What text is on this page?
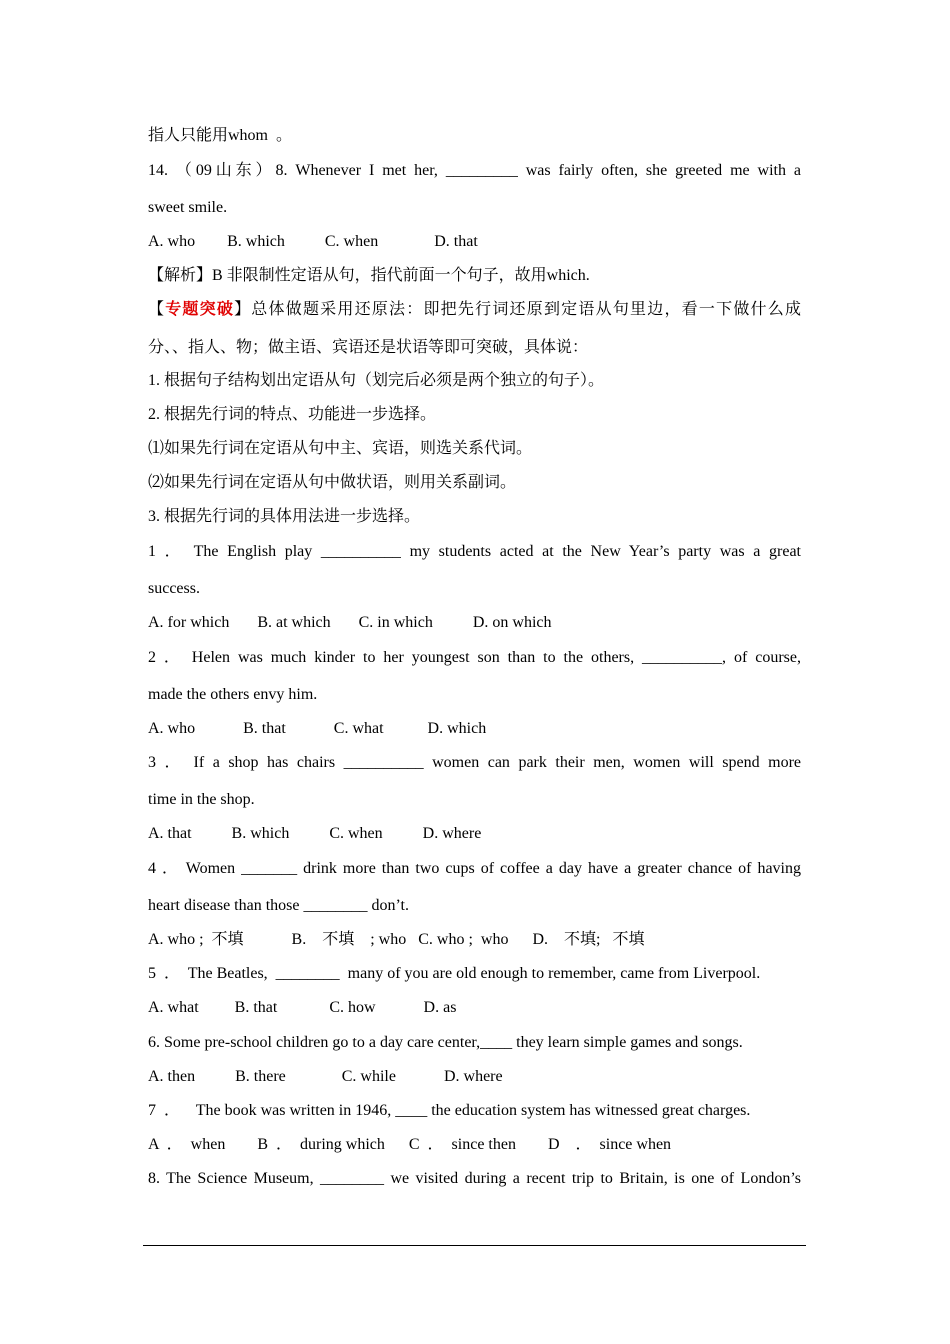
指人只能用whom  。
14. （09山东）8. Whenever I met her, _________ was fairly often, she greeted me with a
sweet smile.
A. who        B. which          C. when              D. that
【解析】B 非限制性定语从句，指代前面一个句子，故用which.
【专题突破】总体做题采用还原法：即把先行词还原到定语从句里边，看一下做什么成
分、、指人、物；做主语、宾语还是状语等即可突破，具体说：
1. 根据句子结构划出定语从句（划完后必须是两个独立的句子）。
2. 根据先行词的特点、功能进一步选择。
⑴如果先行词在定语从句中主、宾语，则选关系代词。
⑵如果先行词在定语从句中做状语，则用关系副词。
3. 根据先行词的具体用法进一步选择。
1 ． The English play __________ my students acted at the New Year’s party was a great
success.
A. for which       B. at which       C. in which          D. on which
2 ． Helen was much kinder to her youngest son than to the others, __________, of course,
made the others envy him.
A. who            B. that            C. what           D. which
3 ． If a shop has chairs __________ women can park their men, women will spend more
time in the shop.
A. that          B. which          C. when          D. where
4 ． Women _______ drink more than two cups of coffee a day have a greater chance of having
heart disease than those ________ don’t.
A. who ;  不填            B.    不填    ; who   C. who ;  who      D.    不填;   不填
5  ．  The Beatles,  ________  many of you are old enough to remember, came from Liverpool.
A. what         B. that             C. how            D. as
6. Some pre-school children go to a day care center,____ they learn simple games and songs.
A. then          B. there              C. while            D. where
7  ．    The book was written in 1946, ____ the education system has witnessed great charges.
A  ．  when        B  ．  during which      C  ．  since then        D    ．  since when
8. The Science Museum, ________ we visited during a recent trip to Britain, is one of London’s
